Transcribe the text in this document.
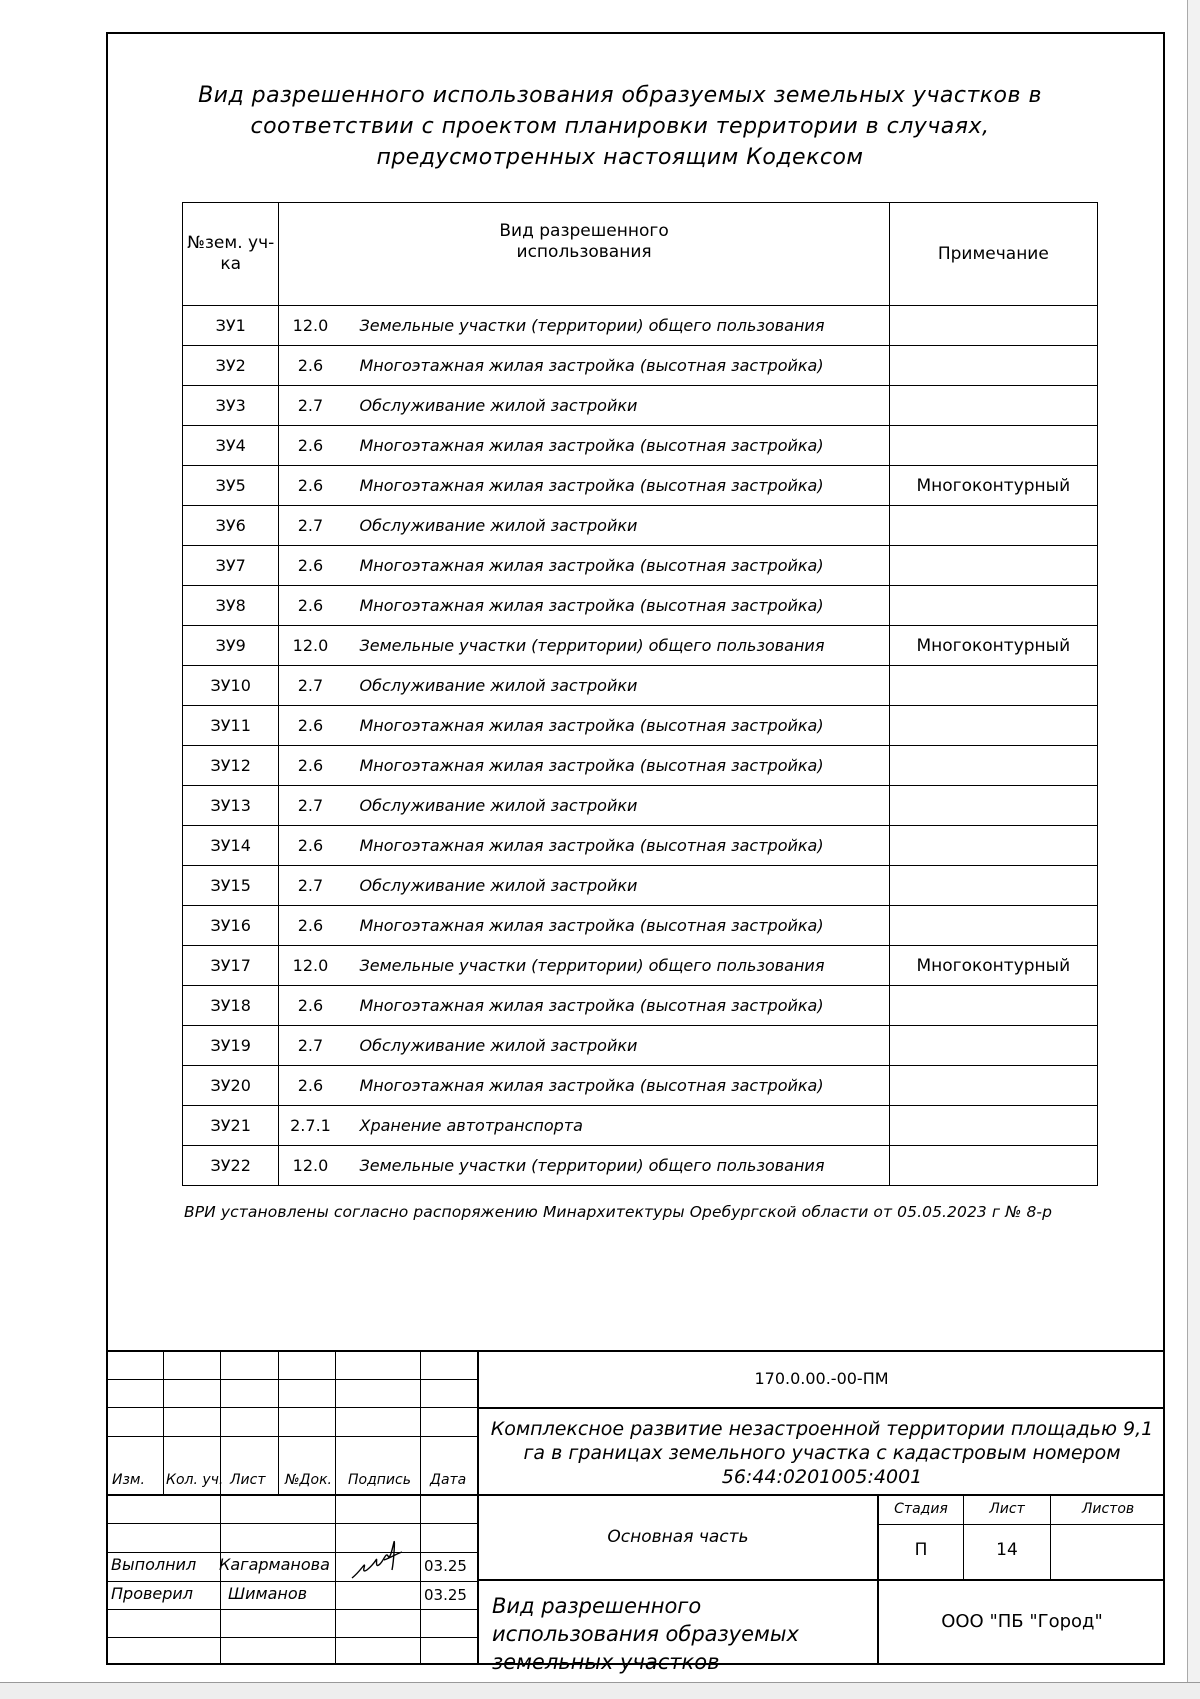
Вид разрешенного использования образуемых земельных участков в соответствии с проектом планировки территории в случаях, предусмотренных настоящим Кодексом
№зем. уч-ка	Вид разрешенного использования	Примечание
ЗУ1	12.0 Земельные участки (территории) общего пользования	

ЗУ2	2.6 Многоэтажная жилая застройка (высотная застройка)	

ЗУ3	2.7 Обслуживание жилой застройки	

ЗУ4	2.6 Многоэтажная жилая застройка (высотная застройка)	

ЗУ5	2.6 Многоэтажная жилая застройка (высотная застройка)	Многоконтурный
ЗУ6	2.7 Обслуживание жилой застройки	

ЗУ7	2.6 Многоэтажная жилая застройка (высотная застройка)	

ЗУ8	2.6 Многоэтажная жилая застройка (высотная застройка)	

ЗУ9	12.0 Земельные участки (территории) общего пользования	Многоконтурный
ЗУ10	2.7 Обслуживание жилой застройки	

ЗУ11	2.6 Многоэтажная жилая застройка (высотная застройка)	

ЗУ12	2.6 Многоэтажная жилая застройка (высотная застройка)	

ЗУ13	2.7 Обслуживание жилой застройки	

ЗУ14	2.6 Многоэтажная жилая застройка (высотная застройка)	

ЗУ15	2.7 Обслуживание жилой застройки	

ЗУ16	2.6 Многоэтажная жилая застройка (высотная застройка)	

ЗУ17	12.0 Земельные участки (территории) общего пользования	Многоконтурный
ЗУ18	2.6 Многоэтажная жилая застройка (высотная застройка)	

ЗУ19	2.7 Обслуживание жилой застройки	

ЗУ20	2.6 Многоэтажная жилая застройка (высотная застройка)	

ЗУ21	2.7.1 Хранение автотранспорта	

ЗУ22	12.0 Земельные участки (территории) общего пользования	

ВРИ установлены согласно распоряжению Минархитектуры Оребургской области от 05.05.2023 г № 8-р
Изм. Кол. уч. Лист №Док. Подпись Дата
Выполнил Кагарманова	03.25
Проверил Шиманов	03.25
170.0.00.-00-ПМ
Комплексное развитие незастроенной территории площадью 9,1 га в границах земельного участка с кадастровым номером 56:44:0201005:4001
Основная часть
Стадия	Лист	Листов
П	14
Вид разрешенного использования образуемых земельных участков
ООО "ПБ "Город"
